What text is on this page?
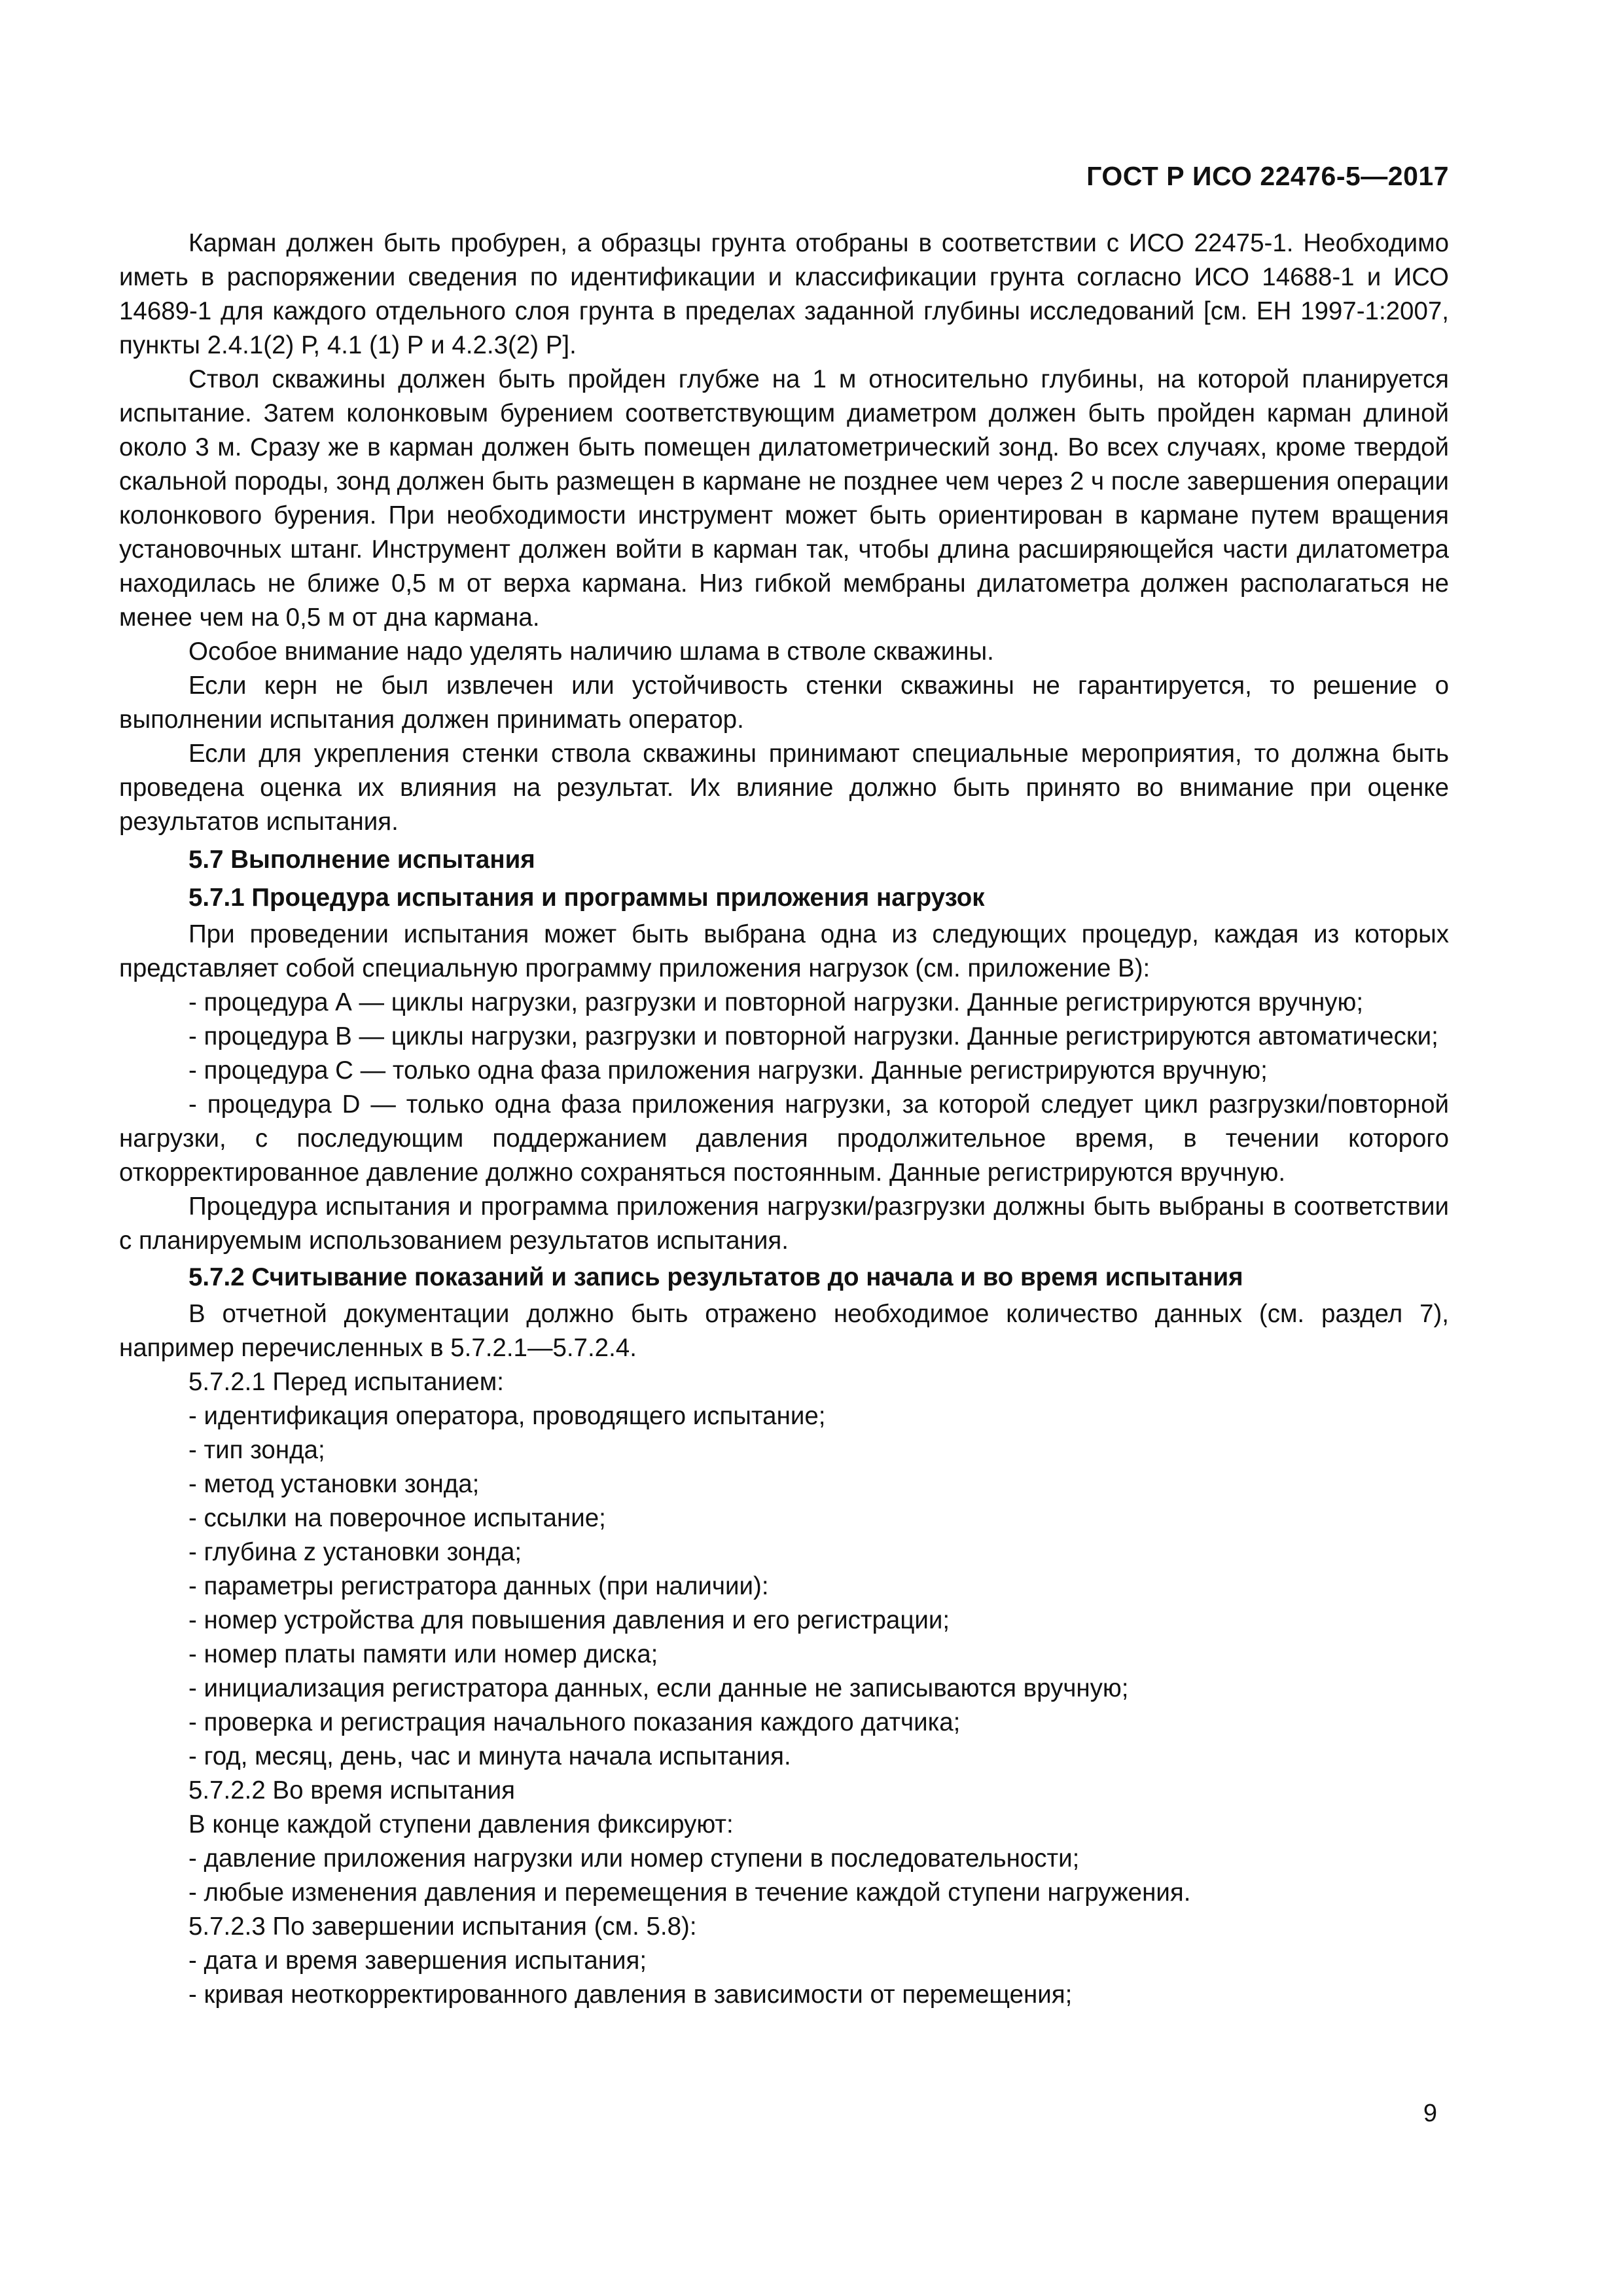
ГОСТ Р ИСО 22476-5—2017

Карман должен быть пробурен, а образцы грунта отобраны в соответствии с ИСО 22475-1. Необходимо иметь в распоряжении сведения по идентификации и классификации грунта согласно ИСО 14688-1 и ИСО 14689-1 для каждого отдельного слоя грунта в пределах заданной глубины исследований [см. ЕН 1997-1:2007, пункты 2.4.1(2) Р, 4.1 (1) Р и 4.2.3(2) Р].

Ствол скважины должен быть пройден глубже на 1 м относительно глубины, на которой планируется испытание. Затем колонковым бурением соответствующим диаметром должен быть пройден карман длиной около 3 м. Сразу же в карман должен быть помещен дилатометрический зонд. Во всех случаях, кроме твердой скальной породы, зонд должен быть размещен в кармане не позднее чем через 2 ч после завершения операции колонкового бурения. При необходимости инструмент может быть ориентирован в кармане путем вращения установочных штанг. Инструмент должен войти в карман так, чтобы длина расширяющейся части дилатометра находилась не ближе 0,5 м от верха кармана. Низ гибкой мембраны дилатометра должен располагаться не менее чем на 0,5 м от дна кармана.

Особое внимание надо уделять наличию шлама в стволе скважины.

Если керн не был извлечен или устойчивость стенки скважины не гарантируется, то решение о выполнении испытания должен принимать оператор.

Если для укрепления стенки ствола скважины принимают специальные мероприятия, то должна быть проведена оценка их влияния на результат. Их влияние должно быть принято во внимание при оценке результатов испытания.

5.7 Выполнение испытания
5.7.1 Процедура испытания и программы приложения нагрузок

При проведении испытания может быть выбрана одна из следующих процедур, каждая из которых представляет собой специальную программу приложения нагрузок (см. приложение В):

- процедура А — циклы нагрузки, разгрузки и повторной нагрузки. Данные регистрируются вручную;

- процедура В — циклы нагрузки, разгрузки и повторной нагрузки. Данные регистрируются автоматически;

- процедура С — только одна фаза приложения нагрузки. Данные регистрируются вручную;

- процедура D — только одна фаза приложения нагрузки, за которой следует цикл разгрузки/повторной нагрузки, с последующим поддержанием давления продолжительное время, в течении которого откорректированное давление должно сохраняться постоянным. Данные регистрируются вручную.

Процедура испытания и программа приложения нагрузки/разгрузки должны быть выбраны в соответствии с планируемым использованием результатов испытания.

5.7.2 Считывание показаний и запись результатов до начала и во время испытания

В отчетной документации должно быть отражено необходимое количество данных (см. раздел 7), например перечисленных в 5.7.2.1—5.7.2.4.

5.7.2.1 Перед испытанием:

- идентификация оператора, проводящего испытание;

- тип зонда;

- метод установки зонда;

- ссылки на поверочное испытание;

- глубина z установки зонда;

- параметры регистратора данных (при наличии):

- номер устройства для повышения давления и его регистрации;

- номер платы памяти или номер диска;

- инициализация регистратора данных, если данные не записываются вручную;

- проверка и регистрация начального показания каждого датчика;

- год, месяц, день, час и минута начала испытания.

5.7.2.2 Во время испытания

В конце каждой ступени давления фиксируют:

- давление приложения нагрузки или номер ступени в последовательности;

- любые изменения давления и перемещения в течение каждой ступени нагружения.

5.7.2.3 По завершении испытания (см. 5.8):

- дата и время завершения испытания;

- кривая неоткорректированного давления в зависимости от перемещения;

9
